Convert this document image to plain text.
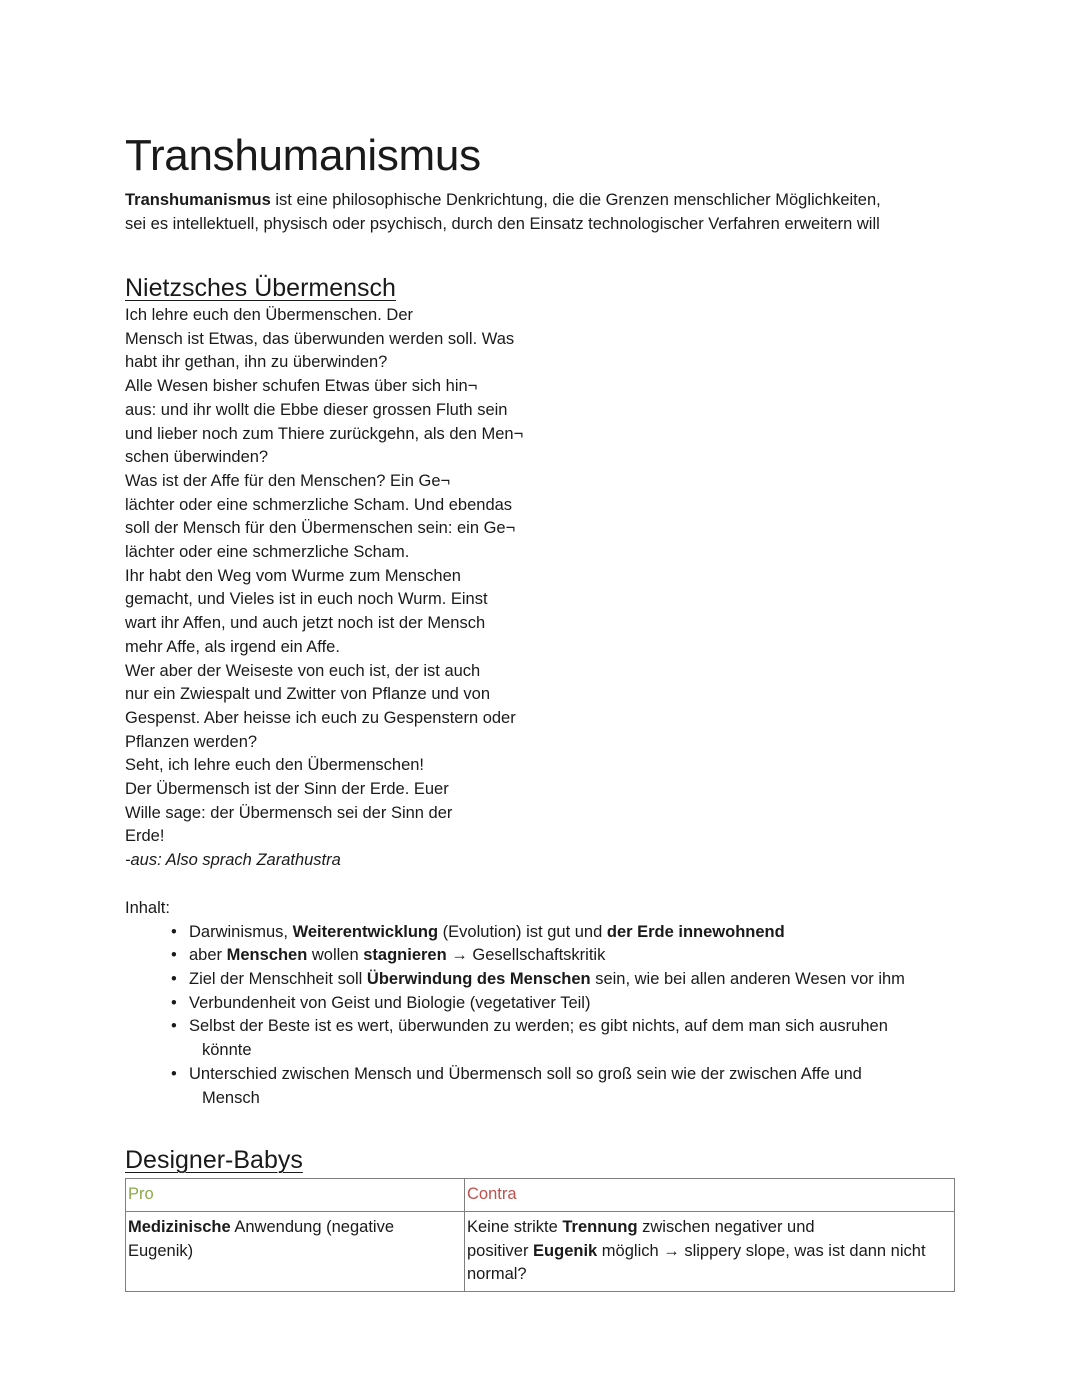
Transhumanismus
Transhumanismus ist eine philosophische Denkrichtung, die die Grenzen menschlicher Möglichkeiten,
sei es intellektuell, physisch oder psychisch, durch den Einsatz technologischer Verfahren erweitern will
Nietzsches Übermensch
Ich lehre euch den Übermenschen. Der
Mensch ist Etwas, das überwunden werden soll. Was
habt ihr gethan, ihn zu überwinden?
Alle Wesen bisher schufen Etwas über sich hin¬
aus: und ihr wollt die Ebbe dieser grossen Fluth sein
und lieber noch zum Thiere zurückgehn, als den Men¬
schen überwinden?
Was ist der Affe für den Menschen? Ein Ge¬
lächter oder eine schmerzliche Scham. Und ebendas
soll der Mensch für den Übermenschen sein: ein Ge¬
lächter oder eine schmerzliche Scham.
Ihr habt den Weg vom Wurme zum Menschen
gemacht, und Vieles ist in euch noch Wurm. Einst
wart ihr Affen, und auch jetzt noch ist der Mensch
mehr Affe, als irgend ein Affe.
Wer aber der Weiseste von euch ist, der ist auch
nur ein Zwiespalt und Zwitter von Pflanze und von
Gespenst. Aber heisse ich euch zu Gespenstern oder
Pflanzen werden?
Seht, ich lehre euch den Übermenschen!
Der Übermensch ist der Sinn der Erde. Euer
Wille sage: der Übermensch sei der Sinn der
Erde!
-aus: Also sprach Zarathustra
Inhalt:
• Darwinismus, Weiterentwicklung (Evolution) ist gut und der Erde innewohnend
• aber Menschen wollen stagnieren → Gesellschaftskritik
• Ziel der Menschheit soll Überwindung des Menschen sein, wie bei allen anderen Wesen vor ihm
• Verbundenheit von Geist und Biologie (vegetativer Teil)
• Selbst der Beste ist es wert, überwunden zu werden; es gibt nichts, auf dem man sich ausruhen
könnte
• Unterschied zwischen Mensch und Übermensch soll so groß sein wie der zwischen Affe und
Mensch
Designer-Babys
Pro	Contra
Medizinische Anwendung (negative
Eugenik)	Keine strikte Trennung zwischen negativer und
positiver Eugenik möglich → slippery slope, was ist dann nicht
normal?
